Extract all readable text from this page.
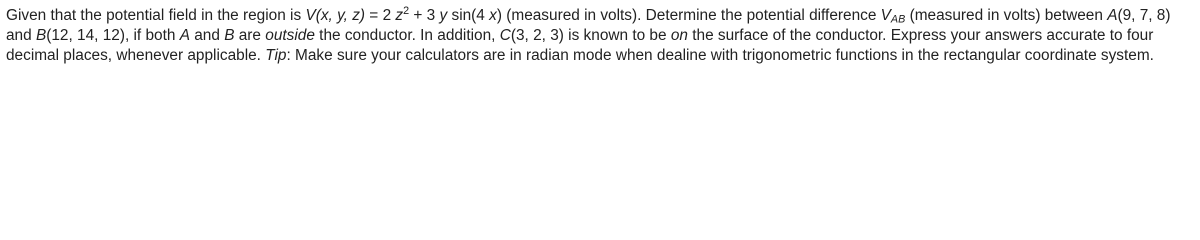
Given that the potential field in the region is V(x, y, z) = 2 $z^2 + 3$ y sin(4 x) (measured in volts). Determine the potential difference $V_{AB}$ (measured in volts) between A(9, 7, 8) and B(12, 14, 12), if both A and B are outside the conductor. In addition, C(3, 2, 3) is known to be on the surface of the conductor. Express your answers accurate to four decimal places, whenever applicable. Tip: Make sure your calculators are in radian mode when dealine with trigonometric functions in the rectangular coordinate system.
